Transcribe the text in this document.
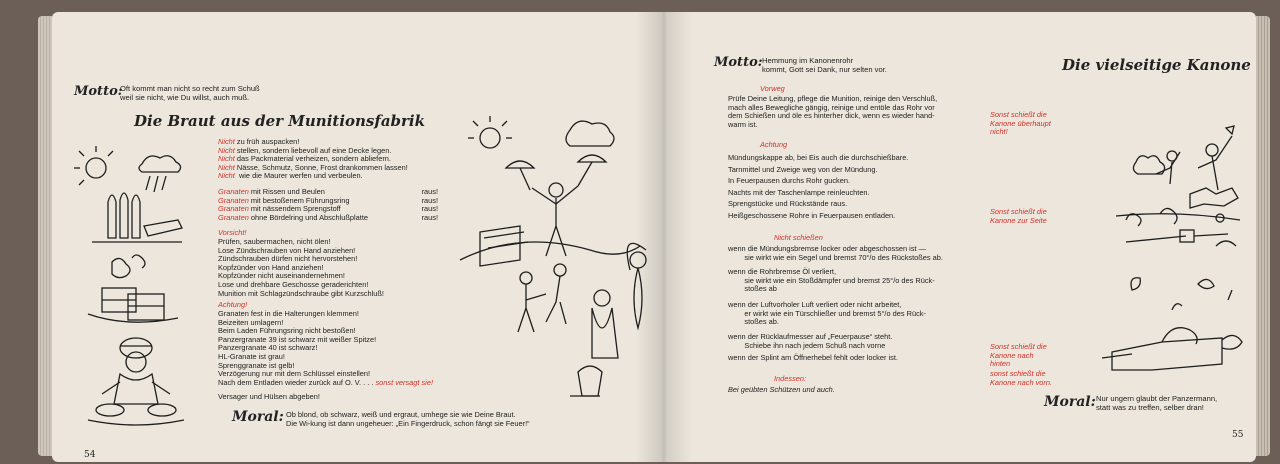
Motto:
Oft kommt man nicht so recht zum Schuß
weil sie nicht, wie Du willst, auch muß.
Die Braut aus der Munitionsfabrik
Nicht zu früh auspacken!
Nicht stellen, sondern liebevoll auf eine Decke legen.
Nicht das Packmaterial verheizen, sondern abliefern.
Nicht Nässe, Schmutz, Sonne, Frost drankommen lassen!
Nicht  wie die Maurer werfen und verbeulen.
Granaten mit Rissen und Beulen	raus!
Granaten mit bestoßenem Führungsring	raus!
Granaten mit nässendem Sprengstoff	raus!
Granaten ohne Bördelring und Abschlußplatte	raus!
Vorsicht!
Prüfen, saubermachen, nicht ölen!
Lose Zündschrauben von Hand anziehen!
Zündschrauben dürfen nicht hervorstehen!
Kopfzünder von Hand anziehen!
Kopfzünder nicht auseinandernehmen!
Lose und drehbare Geschosse geraderichten!
Munition mit Schlagzündschraube gibt Kurzschluß!
Achtung!
Granaten fest in die Halterungen klemmen!
Beizeiten umlagern!
Beim Laden Führungsring nicht bestoßen!
Panzergranate 39 ist schwarz mit weißer Spitze!
Panzergranate 40 ist schwarz!
HL-Granate ist grau!
Sprenggranate ist gelb!
Verzögerung nur mit dem Schlüssel einstellen!
Nach dem Entladen wieder zurück auf O. V. . . . sonst versagt sie!
Versager und Hülsen abgeben!
Moral: Ob blond, ob schwarz, weiß und ergraut, umhege sie wie Deine Braut.
Die Wi-kung ist dann ungeheuer: „Ein Fingerdruck, schon fängt sie Feuer!“
54
Motto: Hemmung im Kanonenrohr
kommt, Gott sei Dank, nur selten vor.	Die vielseitige Kanone
Vorweg
Prüfe Deine Leitung, pflege die Munition, reinige den Verschluß,
mach alles Bewegliche gängig, reinige und entöle das Rohr vor
dem Schießen und öle es hinterher dick, wenn es wieder hand-
warm ist.
Sonst schießt die
Kanone überhaupt
nicht!
Achtung
Mündungskappe ab, bei Eis auch die durchschießbare.
Tarnmittel und Zweige weg von der Mündung.
In Feuerpausen durchs Rohr gucken.
Nachts mit der Taschenlampe reinleuchten.
Sprengstücke und Rückstände raus.
Heißgeschossene Rohre in Feuerpausen entladen.	Sonst schießt die
Kanone zur Seite
Nicht schießen
wenn die Mündungsbremse locker oder abgeschossen ist —
sie wirkt wie ein Segel und bremst 70°/o des Rückstoßes ab.
wenn die Rohrbremse Öl verliert,
sie wirkt wie ein Stoßdämpfer und bremst 25°/o des Rück-
stoßes ab
wenn der Luftvorholer Luft verliert oder nicht arbeitet,
er wirkt wie ein Türschließer und bremst 5°/o des Rück-
stoßes ab.
wenn der Rücklaufmesser auf „Feuerpause“ steht.
Schiebe ihn nach jedem Schuß nach vorne
wenn der Splint am Öffnerhebel fehlt oder locker ist.
Sonst schießt die
Kanone nach
hinten
sonst schießt die
Kanone nach vorn.
Indessen:
Bei geübten Schützen und auch.
Moral: Nur ungern glaubt der Panzermann,
statt was zu treffen, selber dran!
55
